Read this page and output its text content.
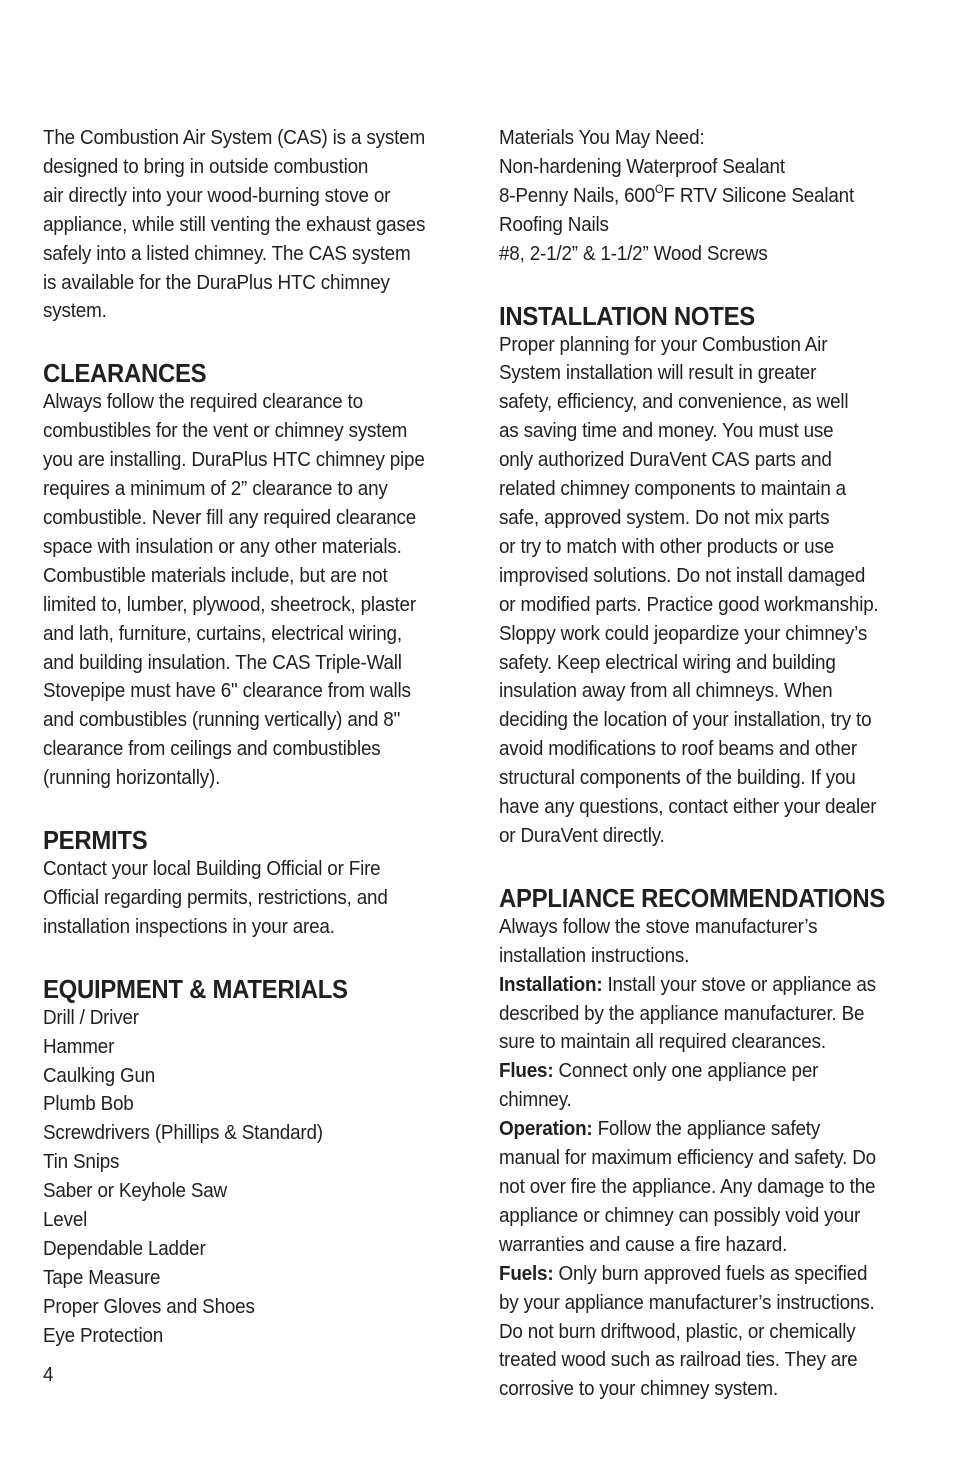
The Combustion Air System (CAS) is a system
designed to bring in outside combustion
air directly into your wood-burning stove or
appliance, while still venting the exhaust gases
safely into a listed chimney. The CAS system
is available for the DuraPlus HTC chimney
system.
CLEARANCES
Always follow the required clearance to
combustibles for the vent or chimney system
you are installing. DuraPlus HTC chimney pipe
requires a minimum of 2” clearance to any
combustible. Never fill any required clearance
space with insulation or any other materials.
Combustible materials include, but are not
limited to, lumber, plywood, sheetrock, plaster
and lath, furniture, curtains, electrical wiring,
and building insulation. The CAS Triple-Wall
Stovepipe must have 6" clearance from walls
and combustibles (running vertically) and 8"
clearance from ceilings and combustibles
(running horizontally).
PERMITS
Contact your local Building Official or Fire
Official regarding permits, restrictions, and
installation inspections in your area.
EQUIPMENT & MATERIALS
Drill / Driver
Hammer
Caulking Gun
Plumb Bob
Screwdrivers (Phillips & Standard)
Tin Snips
Saber or Keyhole Saw
Level
Dependable Ladder
Tape Measure
Proper Gloves and Shoes
Eye Protection
4
Materials You May Need:
Non-hardening Waterproof Sealant
8-Penny Nails, $600^OF$ RTV Silicone Sealant
Roofing Nails
#8, 2-1/2” & 1-1/2” Wood Screws
INSTALLATION NOTES
Proper planning for your Combustion Air
System installation will result in greater
safety, efficiency, and convenience, as well
as saving time and money. You must use
only authorized DuraVent CAS parts and
related chimney components to maintain a
safe, approved system. Do not mix parts
or try to match with other products or use
improvised solutions. Do not install damaged
or modified parts. Practice good workmanship.
Sloppy work could jeopardize your chimney’s
safety. Keep electrical wiring and building
insulation away from all chimneys. When
deciding the location of your installation, try to
avoid modifications to roof beams and other
structural components of the building. If you
have any questions, contact either your dealer
or DuraVent directly.
APPLIANCE RECOMMENDATIONS
Always follow the stove manufacturer’s
installation instructions.
Installation: Install your stove or appliance as
described by the appliance manufacturer. Be
sure to maintain all required clearances.
Flues: Connect only one appliance per
chimney.
Operation: Follow the appliance safety
manual for maximum efficiency and safety. Do
not over fire the appliance. Any damage to the
appliance or chimney can possibly void your
warranties and cause a fire hazard.
Fuels: Only burn approved fuels as specified
by your appliance manufacturer’s instructions.
Do not burn driftwood, plastic, or chemically
treated wood such as railroad ties. They are
corrosive to your chimney system.
